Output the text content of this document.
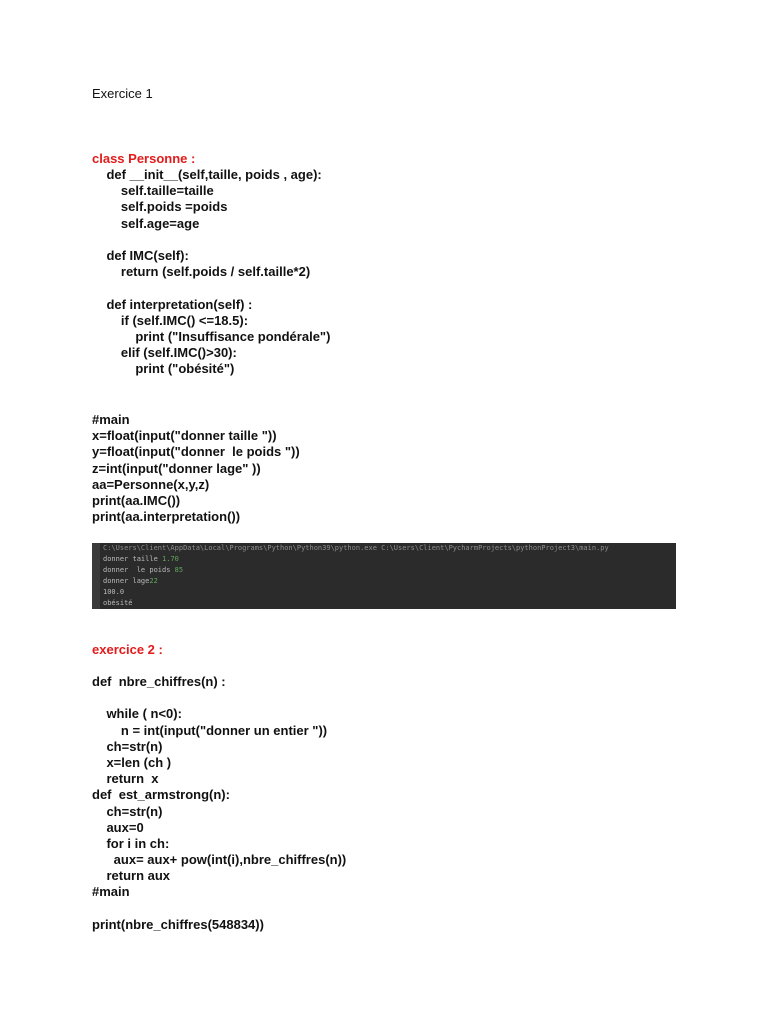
Exercice 1
class Personne :
def __init__(self,taille, poids , age):
self.taille=taille
self.poids =poids
self.age=age
def IMC(self):
return (self.poids / self.taille*2)
def interpretation(self) :
if (self.IMC() <=18.5):
print ("Insuffisance pondérale")
elif (self.IMC()>30):
print ("obésité")
#main
x=float(input("donner taille "))
y=float(input("donner  le poids "))
z=int(input("donner lage" ))
aa=Personne(x,y,z)
print(aa.IMC())
print(aa.interpretation())
C:\Users\Client\AppData\Local\Programs\Python\Python39\python.exe C:\Users\Client\PycharmProjects\pythonProject3\main.py
donner taille 1.70
donner  le poids 85
donner lage22
100.0
obésité
exercice 2 :
def  nbre_chiffres(n) :
while ( n<0):
n = int(input("donner un entier "))
ch=str(n)
x=len (ch )
return  x
def  est_armstrong(n):
ch=str(n)
aux=0
for i in ch:
aux= aux+ pow(int(i),nbre_chiffres(n))
return aux
#main
print(nbre_chiffres(548834))
